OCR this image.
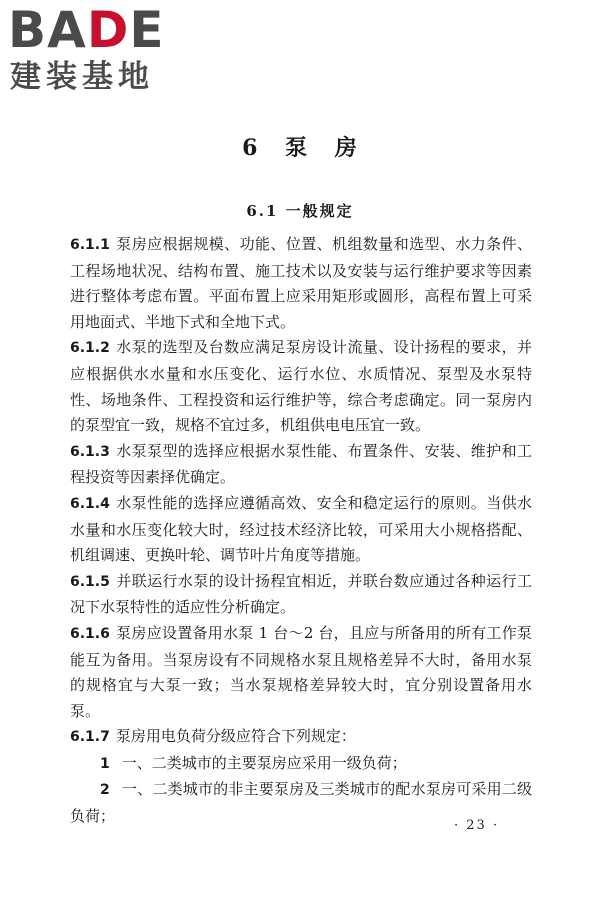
BADE
建装基地
6 泵 房
6.1 一般规定

6.1.1 泵房应根据规模、功能、位置、机组数量和选型、水力条件、工程场地状况、结构布置、施工技术以及安装与运行维护要求等因素进行整体考虑布置。平面布置上应采用矩形或圆形，高程布置上可采用地面式、半地下式和全地下式。

6.1.2 水泵的选型及台数应满足泵房设计流量、设计扬程的要求，并应根据供水水量和水压变化、运行水位、水质情况、泵型及水泵特性、场地条件、工程投资和运行维护等，综合考虑确定。同一泵房内的泵型宜一致，规格不宜过多，机组供电电压宜一致。

6.1.3 水泵泵型的选择应根据水泵性能、布置条件、安装、维护和工程投资等因素择优确定。

6.1.4 水泵性能的选择应遵循高效、安全和稳定运行的原则。当供水水量和水压变化较大时，经过技术经济比较，可采用大小规格搭配、机组调速、更换叶轮、调节叶片角度等措施。

6.1.5 并联运行水泵的设计扬程宜相近，并联台数应通过各种运行工况下水泵特性的适应性分析确定。

6.1.6 泵房应设置备用水泵 1 台～2 台，且应与所备用的所有工作泵能互为备用。当泵房设有不同规格水泵且规格差异不大时，备用水泵的规格宜与大泵一致；当水泵规格差异较大时，宜分别设置备用水泵。

6.1.7 泵房用电负荷分级应符合下列规定：

1 一、二类城市的主要泵房应采用一级负荷；

2 一、二类城市的非主要泵房及三类城市的配水泵房可采用二级负荷；

· 23 ·
